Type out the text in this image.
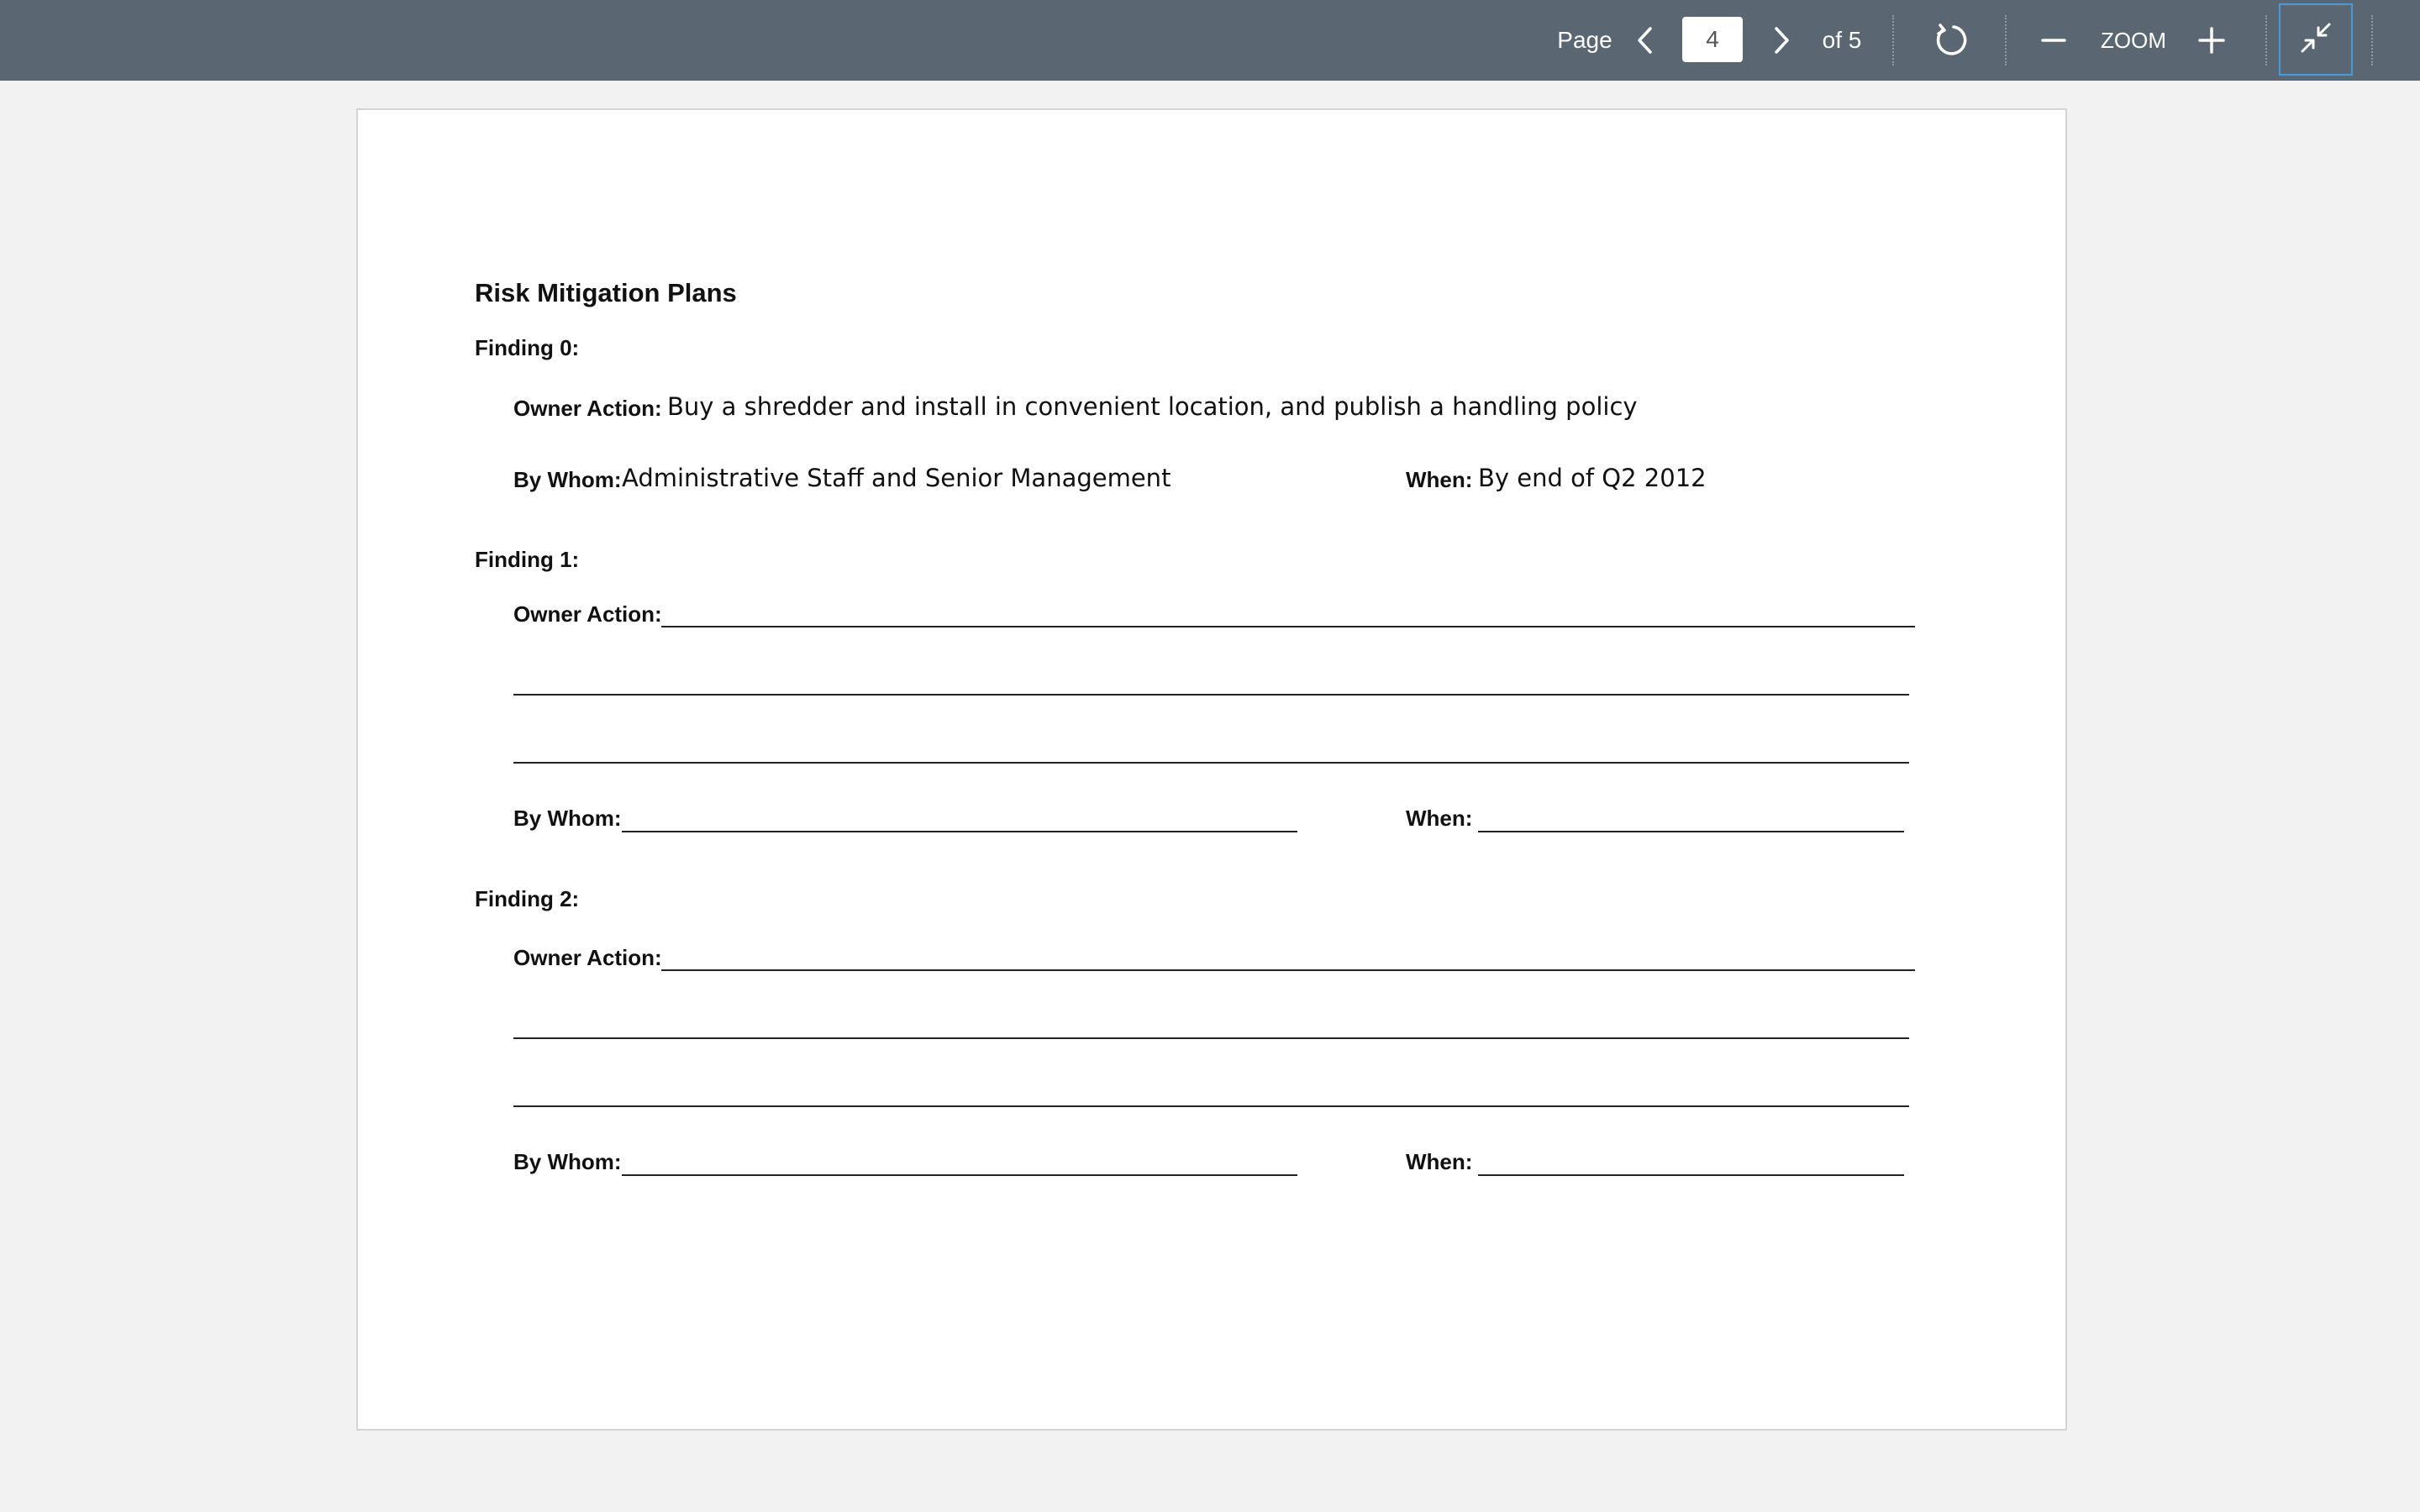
Page
4	of 5	ZOOM
Risk Mitigation Plans
Finding 0:
Owner Action: Buy a shredder and install in convenient location, and publish a handling policy
By Whom: Administrative Staff and Senior Management	When: By end of Q2 2012
Finding 1:
Owner Action:
By Whom:	When:
Finding 2:
Owner Action:
By Whom:	When:
